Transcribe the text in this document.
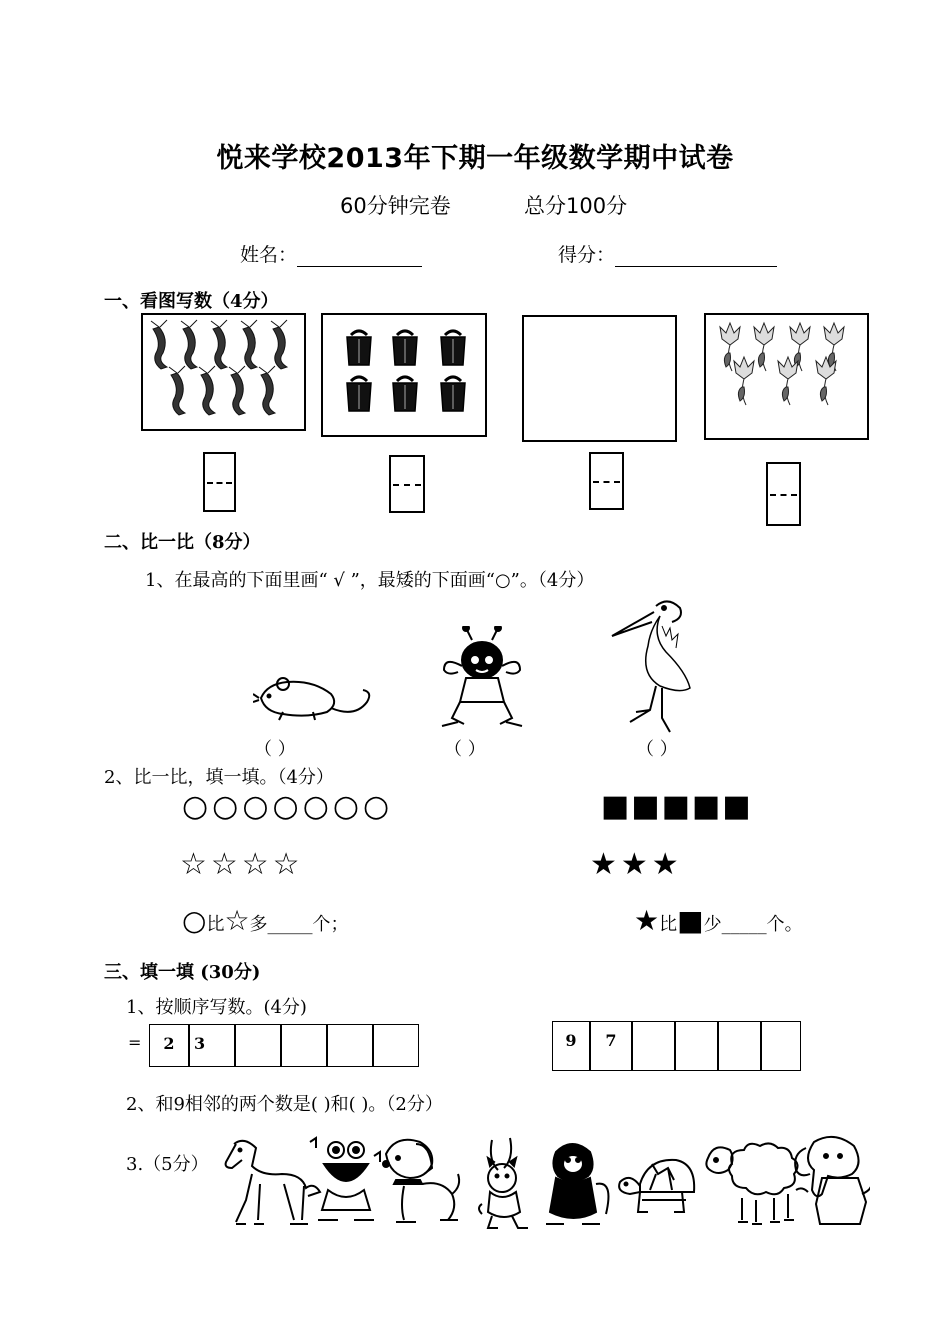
悦来学校2013年下期一年级数学期中试卷
60分钟完卷	总分100分
姓名：	得分：
一、看图写数（4分）
二、比一比（8分）
1、在最高的下面里画“ √ ”，最矮的下面画“○”。（4分）
（ ）	（ ）	（ ）
2、比一比，填一填。（4分）
○○○○○○○	■■■■■
☆☆☆☆	★★★
○比☆多_____个；	★比■少_____个。
三、填一填 (30分)
1、按顺序写数。(4分)
=	2	3	9	7
2、和9相邻的两个数是( )和( )。（2分）
3.（5分）
